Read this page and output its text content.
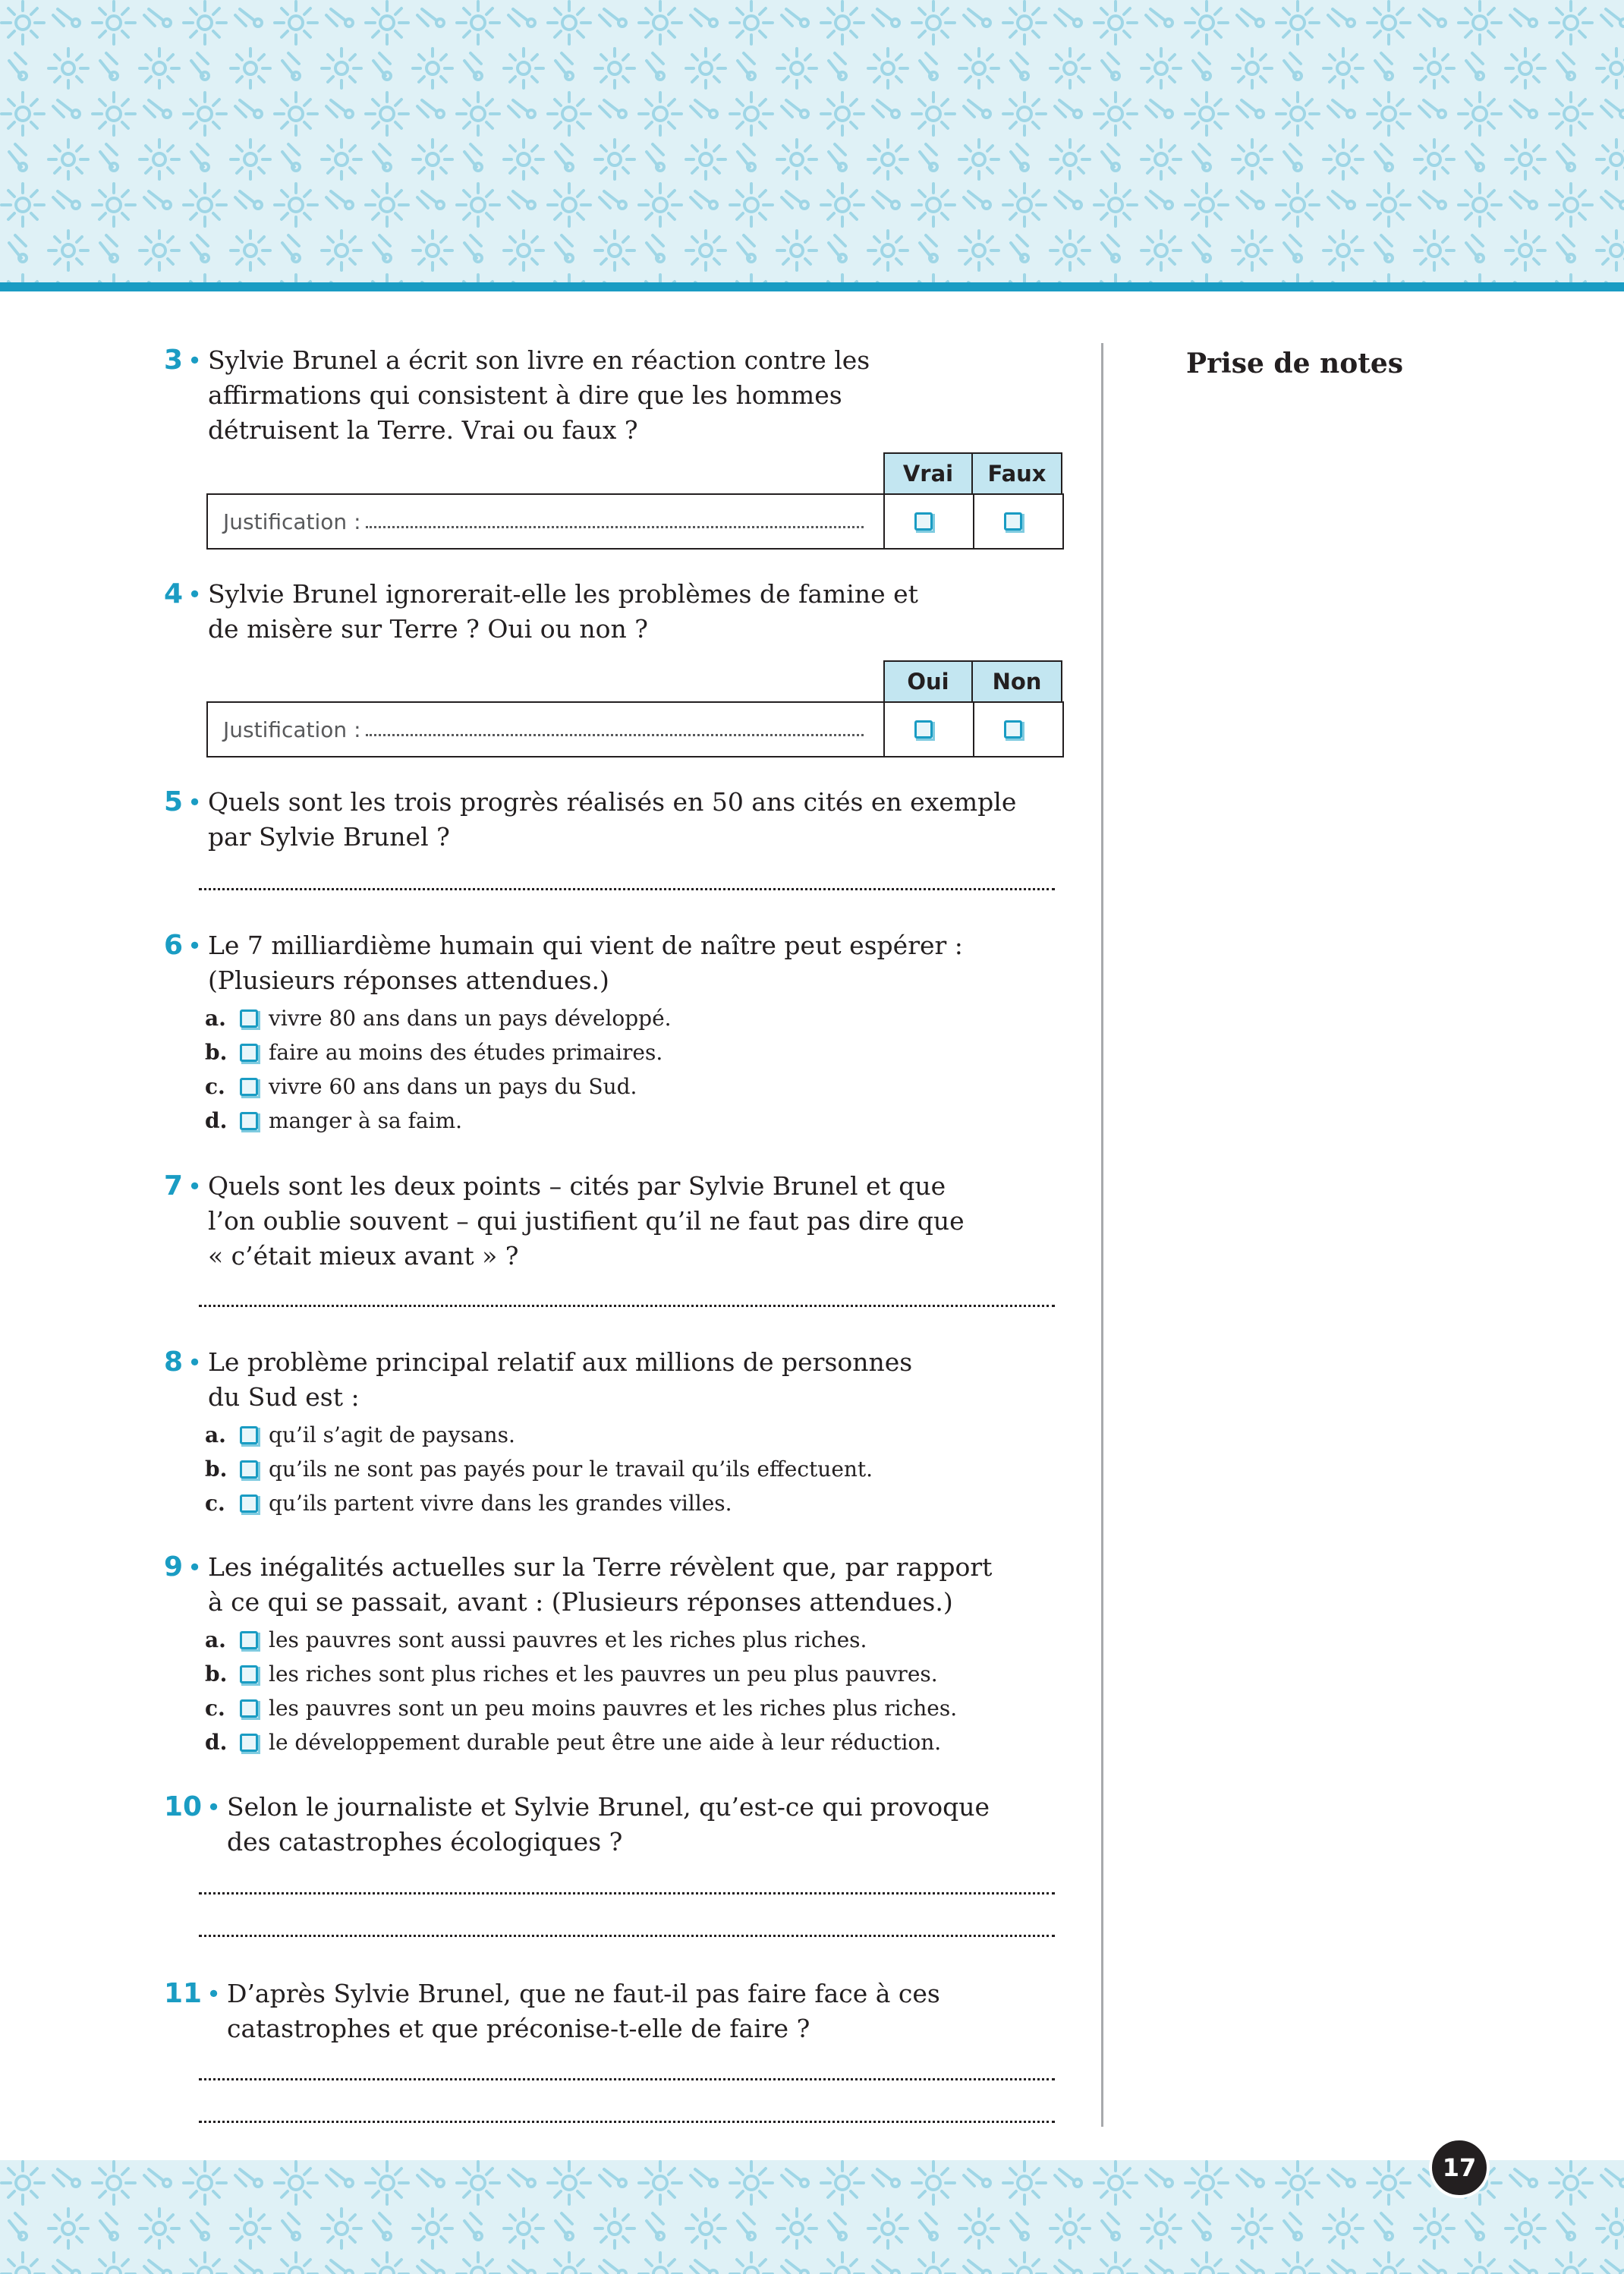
Prise de notes
3 • Sylvie Brunel a écrit son livre en réaction contre les
affirmations qui consistent à dire que les hommes
détruisent la Terre. Vrai ou faux ?
Vrai	Faux
Justification :
4 • Sylvie Brunel ignorerait-elle les problèmes de famine et
de misère sur Terre ? Oui ou non ?
Oui	Non
Justification :
5 • Quels sont les trois progrès réalisés en 50 ans cités en exemple
par Sylvie Brunel ?
6 • Le 7 milliardième humain qui vient de naître peut espérer :
(Plusieurs réponses attendues.)
a.	vivre 80 ans dans un pays développé.
b.	faire au moins des études primaires.
c.	vivre 60 ans dans un pays du Sud.
d.	manger à sa faim.
7 • Quels sont les deux points – cités par Sylvie Brunel et que
l’on oublie souvent – qui justifient qu’il ne faut pas dire que
« c’était mieux avant » ?
8 • Le problème principal relatif aux millions de personnes
du Sud est :
a.	qu’il s’agit de paysans.
b.	qu’ils ne sont pas payés pour le travail qu’ils effectuent.
c.	qu’ils partent vivre dans les grandes villes.
9 • Les inégalités actuelles sur la Terre révèlent que, par rapport
à ce qui se passait, avant : (Plusieurs réponses attendues.)
a.	les pauvres sont aussi pauvres et les riches plus riches.
b.	les riches sont plus riches et les pauvres un peu plus pauvres.
c.	les pauvres sont un peu moins pauvres et les riches plus riches.
d.	le développement durable peut être une aide à leur réduction.
10 • Selon le journaliste et Sylvie Brunel, qu’est-ce qui provoque
des catastrophes écologiques ?
11 • D’après Sylvie Brunel, que ne faut-il pas faire face à ces
catastrophes et que préconise-t-elle de faire ?
17
